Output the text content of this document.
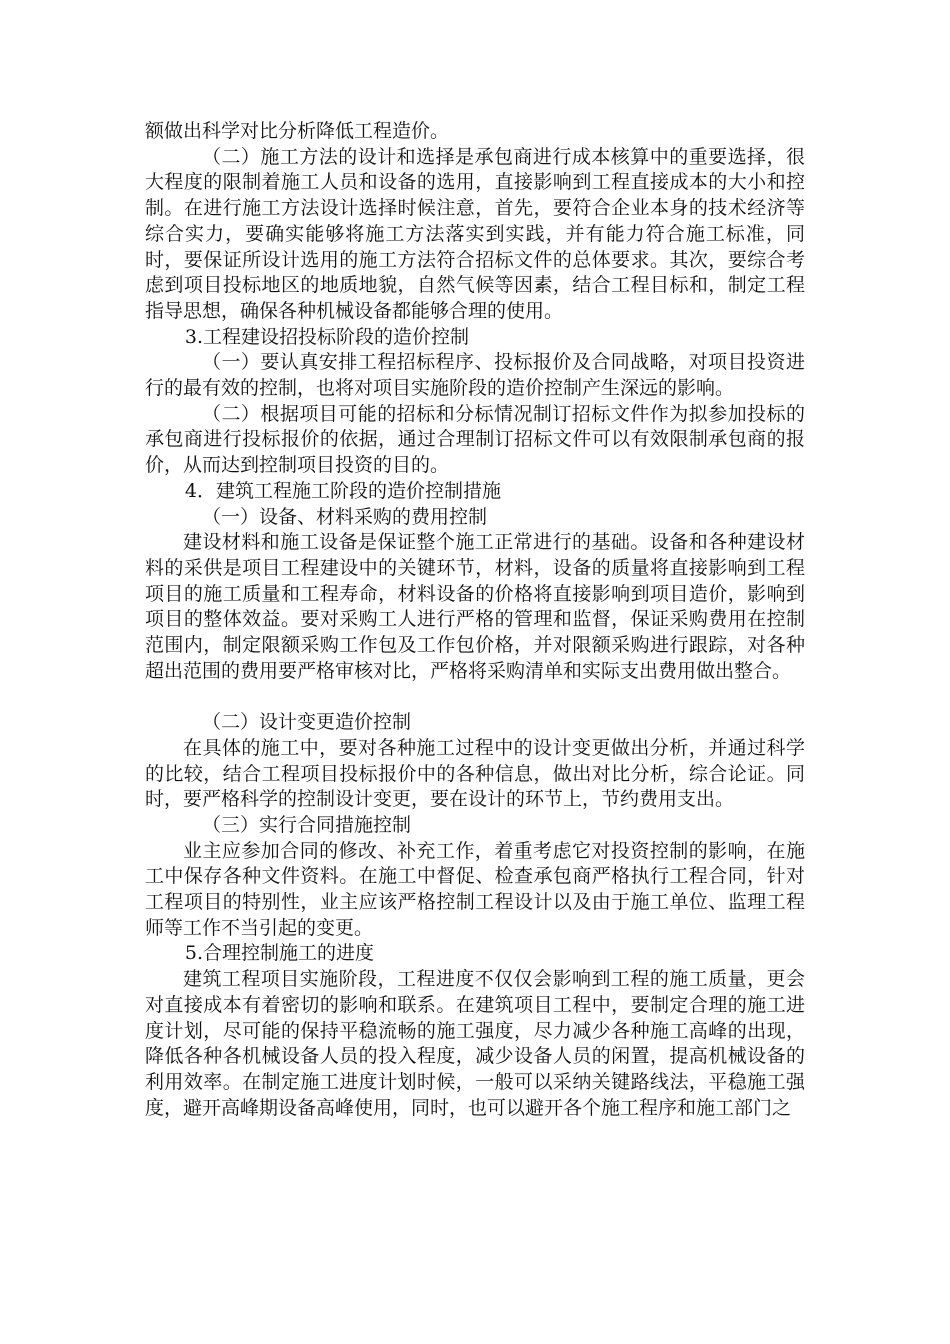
额做出科学对比分析降低工程造价。

（二）施工方法的设计和选择是承包商进行成本核算中的重要选择，很大程度的限制着施工人员和设备的选用，直接影响到工程直接成本的大小和控制。在进行施工方法设计选择时候注意，首先，要符合企业本身的技术经济等综合实力，要确实能够将施工方法落实到实践，并有能力符合施工标准，同时，要保证所设计选用的施工方法符合招标文件的总体要求。其次，要综合考虑到项目投标地区的地质地貌，自然气候等因素，结合工程目标和，制定工程指导思想，确保各种机械设备都能够合理的使用。

3.工程建设招投标阶段的造价控制

（一）要认真安排工程招标程序、投标报价及合同战略，对项目投资进行的最有效的控制，也将对项目实施阶段的造价控制产生深远的影响。

（二）根据项目可能的招标和分标情况制订招标文件作为拟参加投标的承包商进行投标报价的依据，通过合理制订招标文件可以有效限制承包商的报价，从而达到控制项目投资的目的。

4．建筑工程施工阶段的造价控制措施

（一）设备、材料采购的费用控制

建设材料和施工设备是保证整个施工正常进行的基础。设备和各种建设材料的采供是项目工程建设中的关键环节，材料，设备的质量将直接影响到工程项目的施工质量和工程寿命，材料设备的价格将直接影响到项目造价，影响到项目的整体效益。要对采购工人进行严格的管理和监督，保证采购费用在控制范围内，制定限额采购工作包及工作包价格，并对限额采购进行跟踪，对各种超出范围的费用要严格审核对比，严格将采购清单和实际支出费用做出整合。

（二）设计变更造价控制

在具体的施工中，要对各种施工过程中的设计变更做出分析，并通过科学的比较，结合工程项目投标报价中的各种信息，做出对比分析，综合论证。同时，要严格科学的控制设计变更，要在设计的环节上，节约费用支出。

（三）实行合同措施控制

业主应参加合同的修改、补充工作，着重考虑它对投资控制的影响，在施工中保存各种文件资料。在施工中督促、检查承包商严格执行工程合同，针对工程项目的特别性，业主应该严格控制工程设计以及由于施工单位、监理工程师等工作不当引起的变更。

5.合理控制施工的进度

建筑工程项目实施阶段，工程进度不仅仅会影响到工程的施工质量，更会对直接成本有着密切的影响和联系。在建筑项目工程中，要制定合理的施工进度计划，尽可能的保持平稳流畅的施工强度，尽力减少各种施工高峰的出现，降低各种各机械设备人员的投入程度，减少设备人员的闲置，提高机械设备的利用效率。在制定施工进度计划时候，一般可以采纳关键路线法，平稳施工强度，避开高峰期设备高峰使用，同时，也可以避开各个施工程序和施工部门之
